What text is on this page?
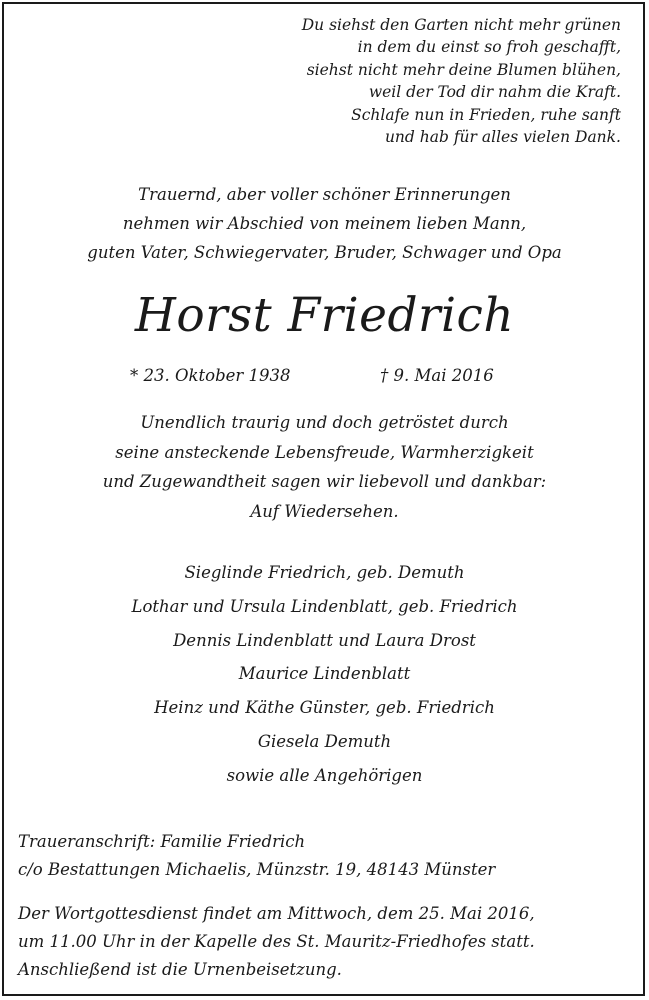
Du siehst den Garten nicht mehr grünen
in dem du einst so froh geschafft,
siehst nicht mehr deine Blumen blühen,
weil der Tod dir nahm die Kraft.
Schlafe nun in Frieden, ruhe sanft
und hab für alles vielen Dank.
Trauernd, aber voller schöner Erinnerungen
nehmen wir Abschied von meinem lieben Mann,
guten Vater, Schwiegervater, Bruder, Schwager und Opa
Horst Friedrich
* 23. Oktober 1938	† 9. Mai 2016
Unendlich traurig und doch getröstet durch
seine ansteckende Lebensfreude, Warmherzigkeit
und Zugewandtheit sagen wir liebevoll und dankbar:
Auf Wiedersehen.
Sieglinde Friedrich, geb. Demuth
Lothar und Ursula Lindenblatt, geb. Friedrich
Dennis Lindenblatt und Laura Drost
Maurice Lindenblatt
Heinz und Käthe Günster, geb. Friedrich
Giesela Demuth
sowie alle Angehörigen
Traueranschrift: Familie Friedrich
c/o Bestattungen Michaelis, Münzstr. 19, 48143 Münster
Der Wortgottesdienst findet am Mittwoch, dem 25. Mai 2016,
um 11.00 Uhr in der Kapelle des St. Mauritz-Friedhofes statt.
Anschließend ist die Urnenbeisetzung.
